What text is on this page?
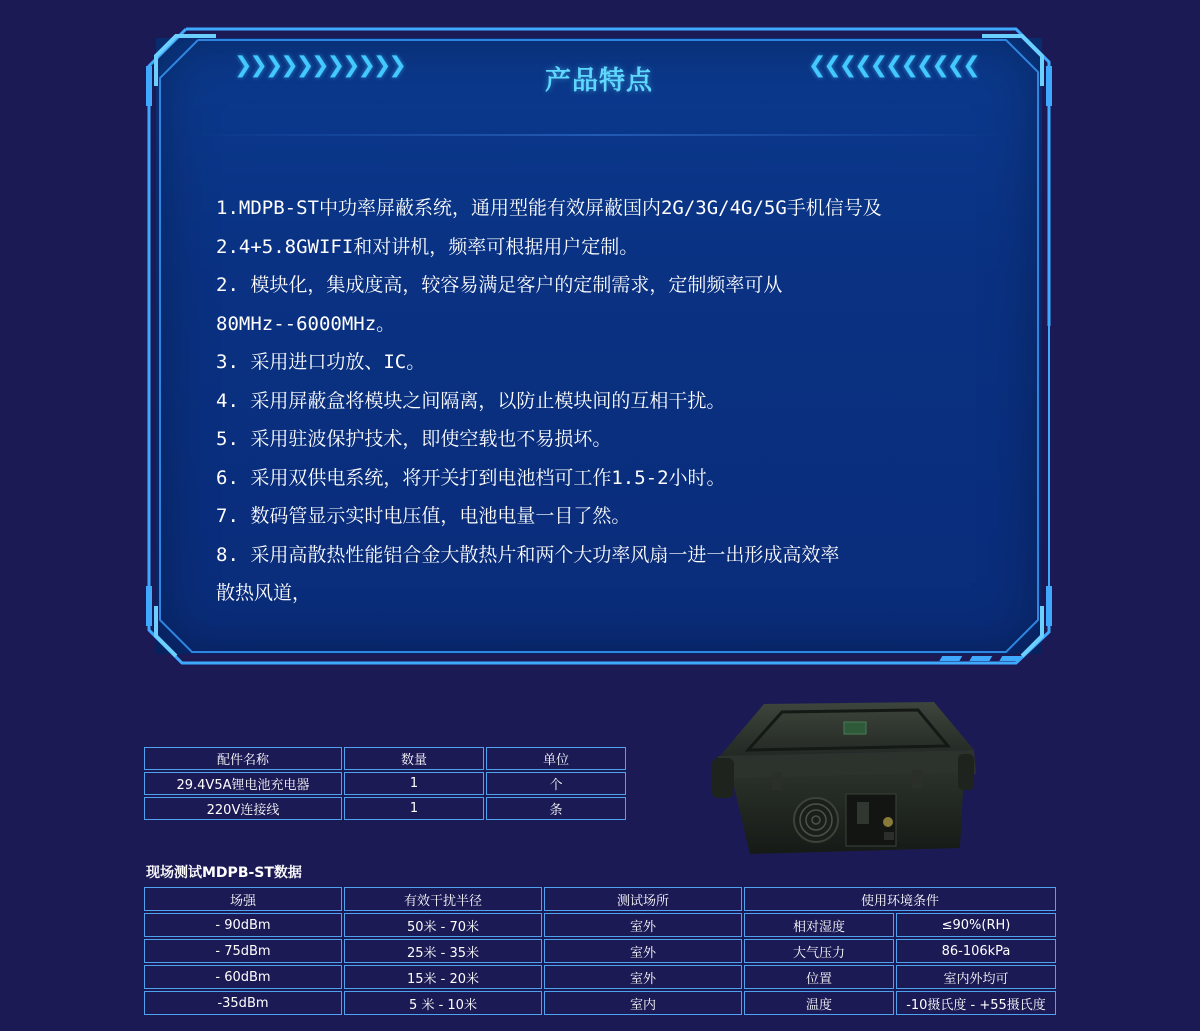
❯❯❯❯❯❯❯❯❯❯❯
产品特点
❮❮❮❮❮❮❮❮❮❮❮
1.MDPB-ST中功率屏蔽系统，通用型能有效屏蔽国内2G/3G/4G/5G手机信号及
2.4+5.8GWIFI和对讲机，频率可根据用户定制。
2. 模块化，集成度高，较容易满足客户的定制需求，定制频率可从
80MHz--6000MHz。
3. 采用进口功放、IC。
4. 采用屏蔽盒将模块之间隔离，以防止模块间的互相干扰。
5. 采用驻波保护技术，即使空载也不易损坏。
6. 采用双供电系统，将开关打到电池档可工作1.5-2小时。
7. 数码管显示实时电压值，电池电量一目了然。
8. 采用高散热性能铝合金大散热片和两个大功率风扇一进一出形成高效率
散热风道，
配件名称	数量	单位
29.4V5A锂电池充电器	1	个
220V连接线	1	条
现场测试MDPB-ST数据
场强	有效干扰半径	测试场所	使用环境条件	
- 90dBm	50米 - 70米	室外	相对湿度	≤90%(RH)
- 75dBm	25米 - 35米	室外	大气压力	86-106kPa
- 60dBm	15米 - 20米	室外	位置	室内外均可
-35dBm	5 米 - 10米	室内	温度	-10摄氏度 - +55摄氏度
